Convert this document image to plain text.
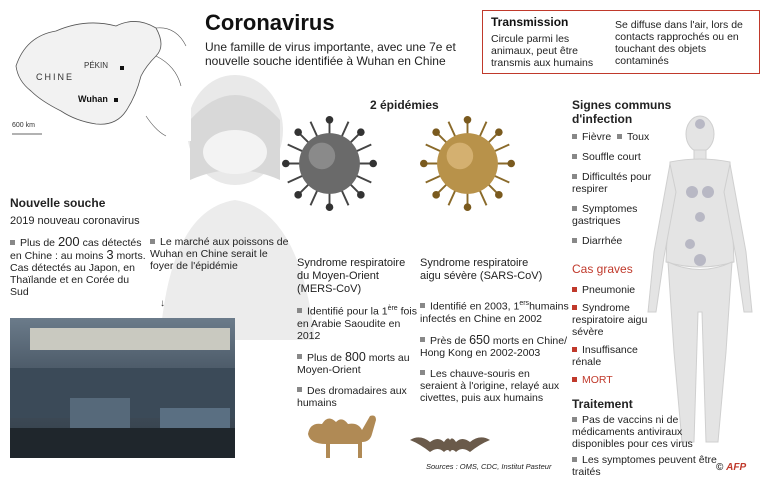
CHINE
PÉKIN
Wuhan
600 km
Coronavirus
Une famille de virus importante, avec une 7e et nouvelle souche identifiée à Wuhan en Chine
Transmission
Circule parmi les animaux, peut être transmis aux humains
Se diffuse dans l'air, lors de contacts rapprochés ou en touchant des objets contaminés
Nouvelle souche
2019 nouveau coronavirus
Plus de 200 cas détectés en Chine : au moins 3 morts.
Cas détectés au Japon, en Thaïlande et en Corée du Sud
Le marché aux poissons de Wuhan en Chine serait le foyer de l'épidémie
↓
2 épidémies
Syndrome respiratoire du Moyen-Orient (MERS-CoV)
Syndrome respiratoire aigu sévère (SARS-CoV)
Identifié pour la 1ère fois en Arabie Saoudite en 2012
Plus de 800 morts au Moyen-Orient
Des dromadaires aux humains
Identifié en 2003, 1ershumains infectés en Chine en 2002
Près de 650 morts en Chine/ Hong Kong en 2002-2003
Les chauve-souris en seraient à l'origine, relayé aux civettes, puis aux humains
Sources : OMS, CDC, Institut Pasteur
Signes communs d'infection
Fièvre Toux
Souffle court
Difficultés pour respirer
Symptomes gastriques
Diarrhée
Cas graves
Pneumonie
Syndrome respiratoire aigu sévère
Insuffisance rénale
MORT
Traitement
Pas de vaccins ni de médicaments antiviraux disponibles pour ces virus
Les symptomes peuvent être traités	© AFP
